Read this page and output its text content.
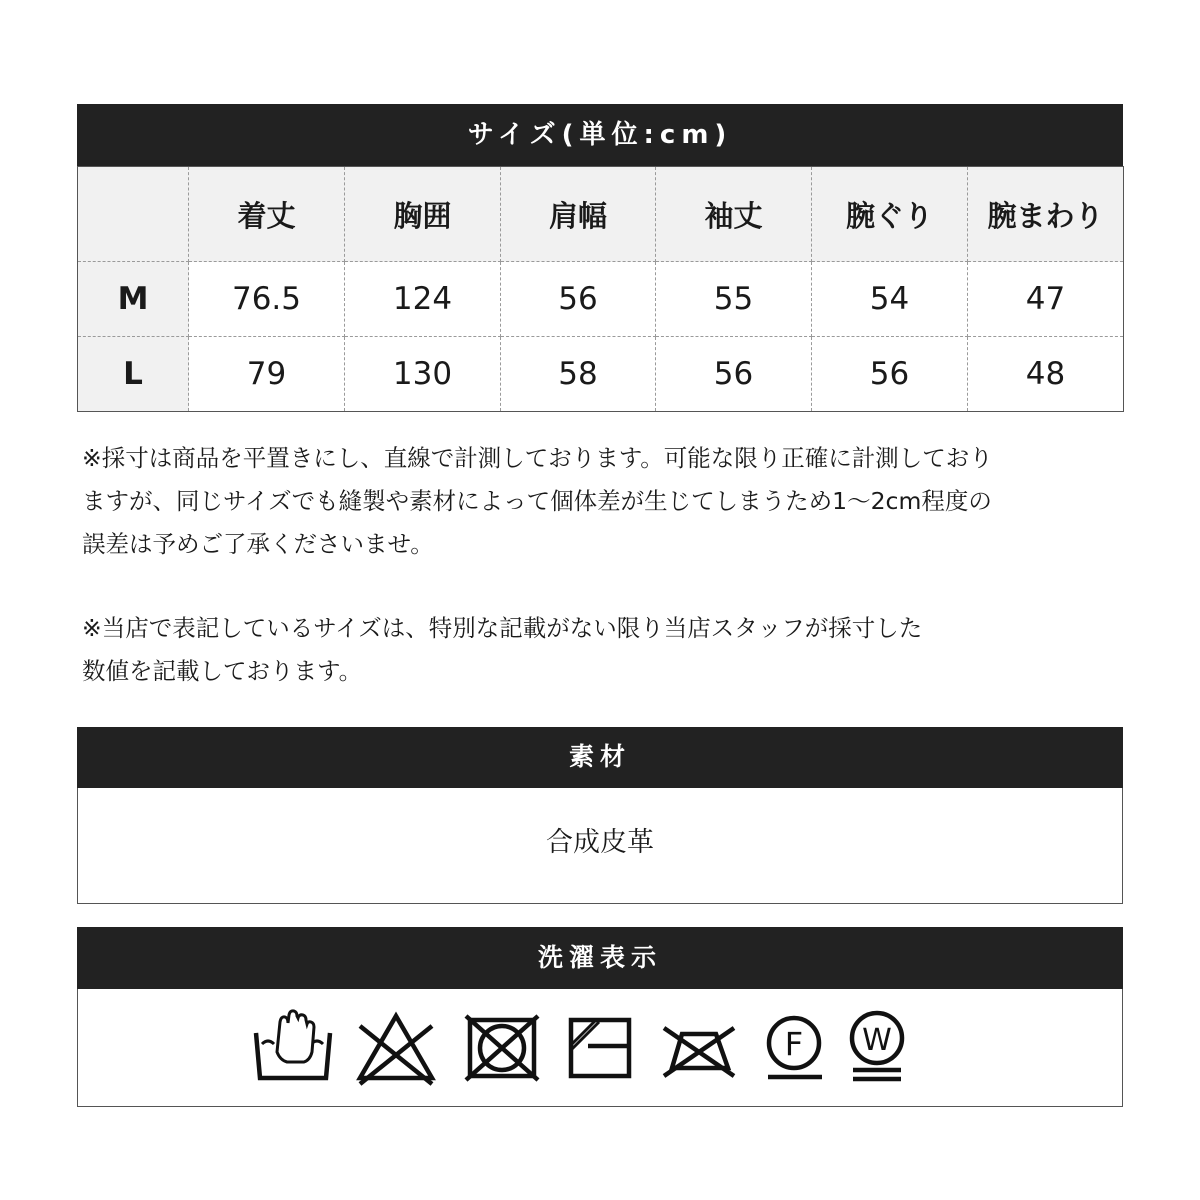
サイズ(単位:cm)
	着丈	胸囲	肩幅	袖丈	腕ぐり	腕まわり
M	76.5	124	56	55	54	47
L	79	130	58	56	56	48
※採寸は商品を平置きにし、直線で計測しております。可能な限り正確に計測しており
ますが、同じサイズでも縫製や素材によって個体差が生じてしまうため1〜2cm程度の
誤差は予めご了承くださいませ。
※当店で表記しているサイズは、特別な記載がない限り当店スタッフが採寸した
数値を記載しております。
素材
合成皮革
洗濯表示
F W
